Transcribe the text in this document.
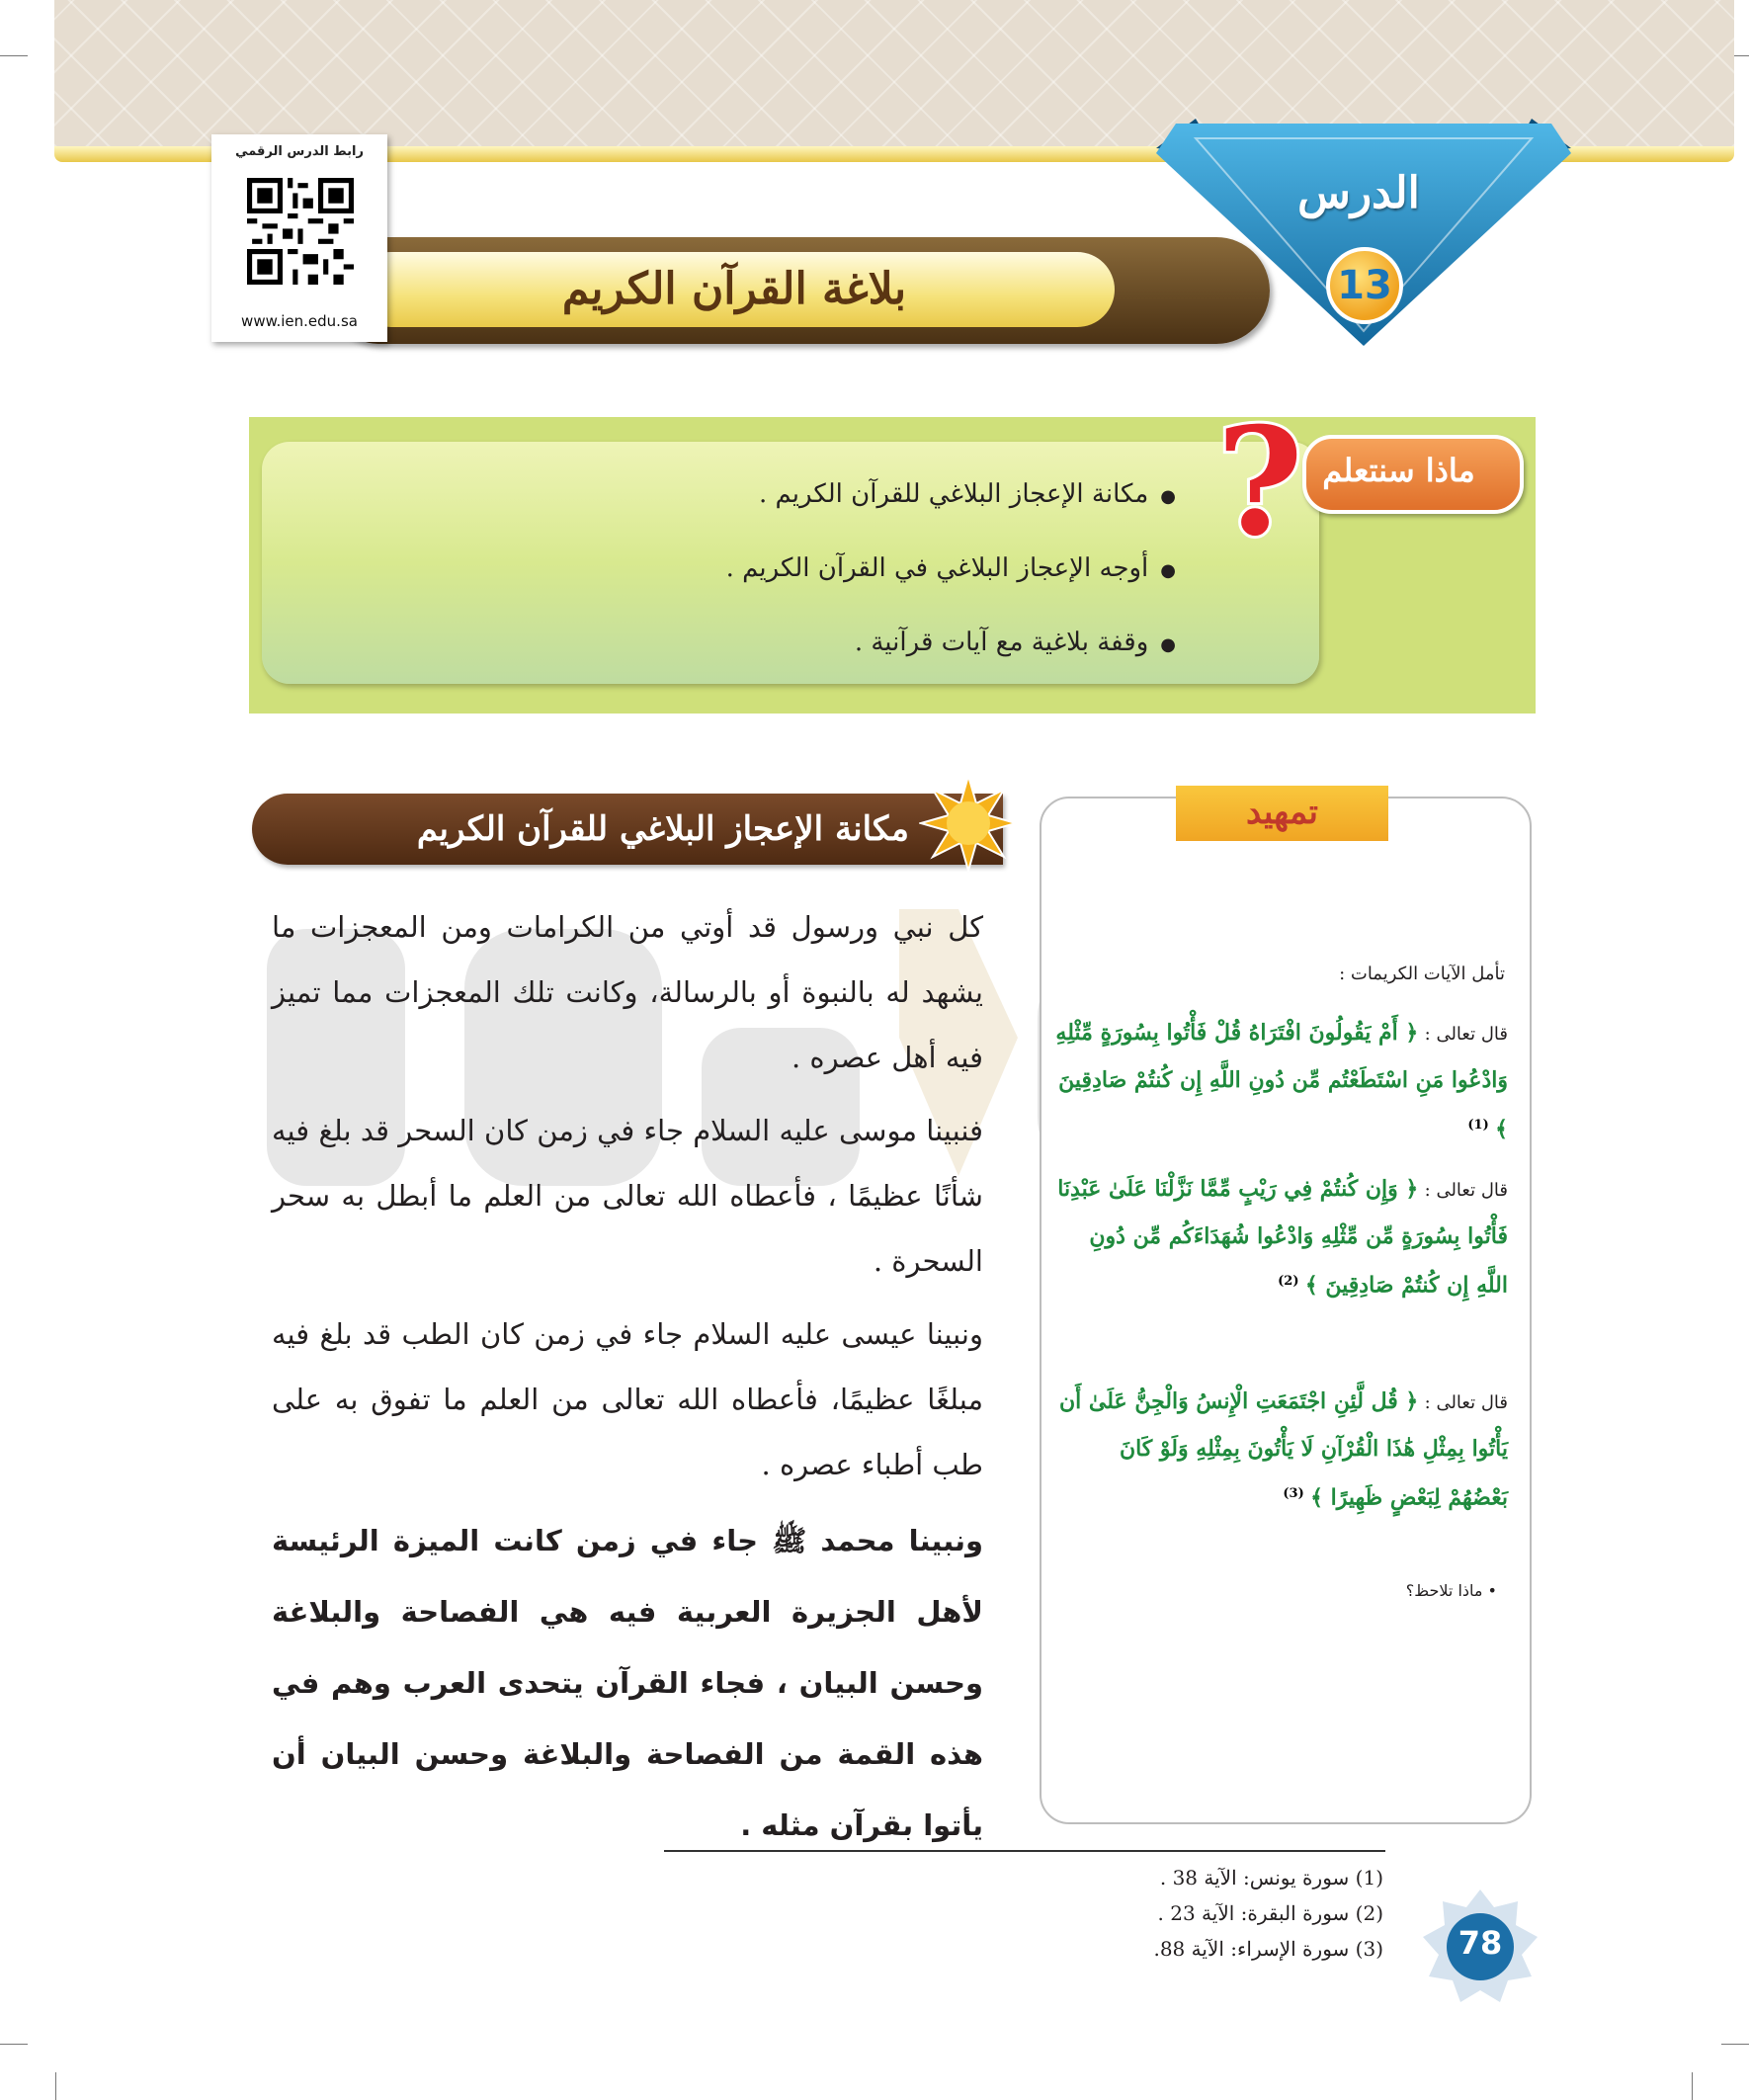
الدرس
13
بلاغة القرآن الكريم
رابط الدرس الرقمي
www.ien.edu.sa
● مكانة الإعجاز البلاغي للقرآن الكريم .
● أوجه الإعجاز البلاغي في القرآن الكريم .
● وقفة بلاغية مع آيات قرآنية .
ماذا سنتعلم
?
تمهيد
تأمل الآيات الكريمات :
قال تعالى : ﴿ أَمْ يَقُولُونَ افْتَرَاهُ قُلْ فَأْتُوا بِسُورَةٍ مِّثْلِهِ وَادْعُوا مَنِ اسْتَطَعْتُم مِّن دُونِ اللَّهِ إِن كُنتُمْ صَادِقِينَ ﴾ $^{(1)}$
قال تعالى : ﴿ وَإِن كُنتُمْ فِي رَيْبٍ مِّمَّا نَزَّلْنَا عَلَىٰ عَبْدِنَا فَأْتُوا بِسُورَةٍ مِّن مِّثْلِهِ وَادْعُوا شُهَدَاءَكُم مِّن دُونِ اللَّهِ إِن كُنتُمْ صَادِقِينَ ﴾ $^{(2)}$
قال تعالى : ﴿ قُل لَّئِنِ اجْتَمَعَتِ الْإِنسُ وَالْجِنُّ عَلَىٰ أَن يَأْتُوا بِمِثْلِ هَٰذَا الْقُرْآنِ لَا يَأْتُونَ بِمِثْلِهِ وَلَوْ كَانَ بَعْضُهُمْ لِبَعْضٍ ظَهِيرًا ﴾ $^{(3)}$
• ماذا تلاحظ؟
مكانة الإعجاز البلاغي للقرآن الكريم

كل نبي ورسول قد أوتي من الكرامات ومن المعجزات ما يشهد له بالنبوة أو بالرسالة، وكانت تلك المعجزات مما تميز فيه أهل عصره .

فنبينا موسى عليه السلام جاء في زمن كان السحر قد بلغ فيه شأنًا عظيمًا ، فأعطاه الله تعالى من العلم ما أبطل به سحر السحرة .

ونبينا عيسى عليه السلام جاء في زمن كان الطب قد بلغ فيه مبلغًا عظيمًا، فأعطاه الله تعالى من العلم ما تفوق به على طب أطباء عصره .

ونبينا محمد ﷺ جاء في زمن كانت الميزة الرئيسة لأهل الجزيرة العربية فيه هي الفصاحة والبلاغة وحسن البيان ، فجاء القرآن يتحدى العرب وهم في هذه القمة من الفصاحة والبلاغة وحسن البيان أن يأتوا بقرآن مثله .

(1) سورة يونس: الآية 38 .
(2) سورة البقرة: الآية 23 .
(3) سورة الإسراء: الآية 88.	78
